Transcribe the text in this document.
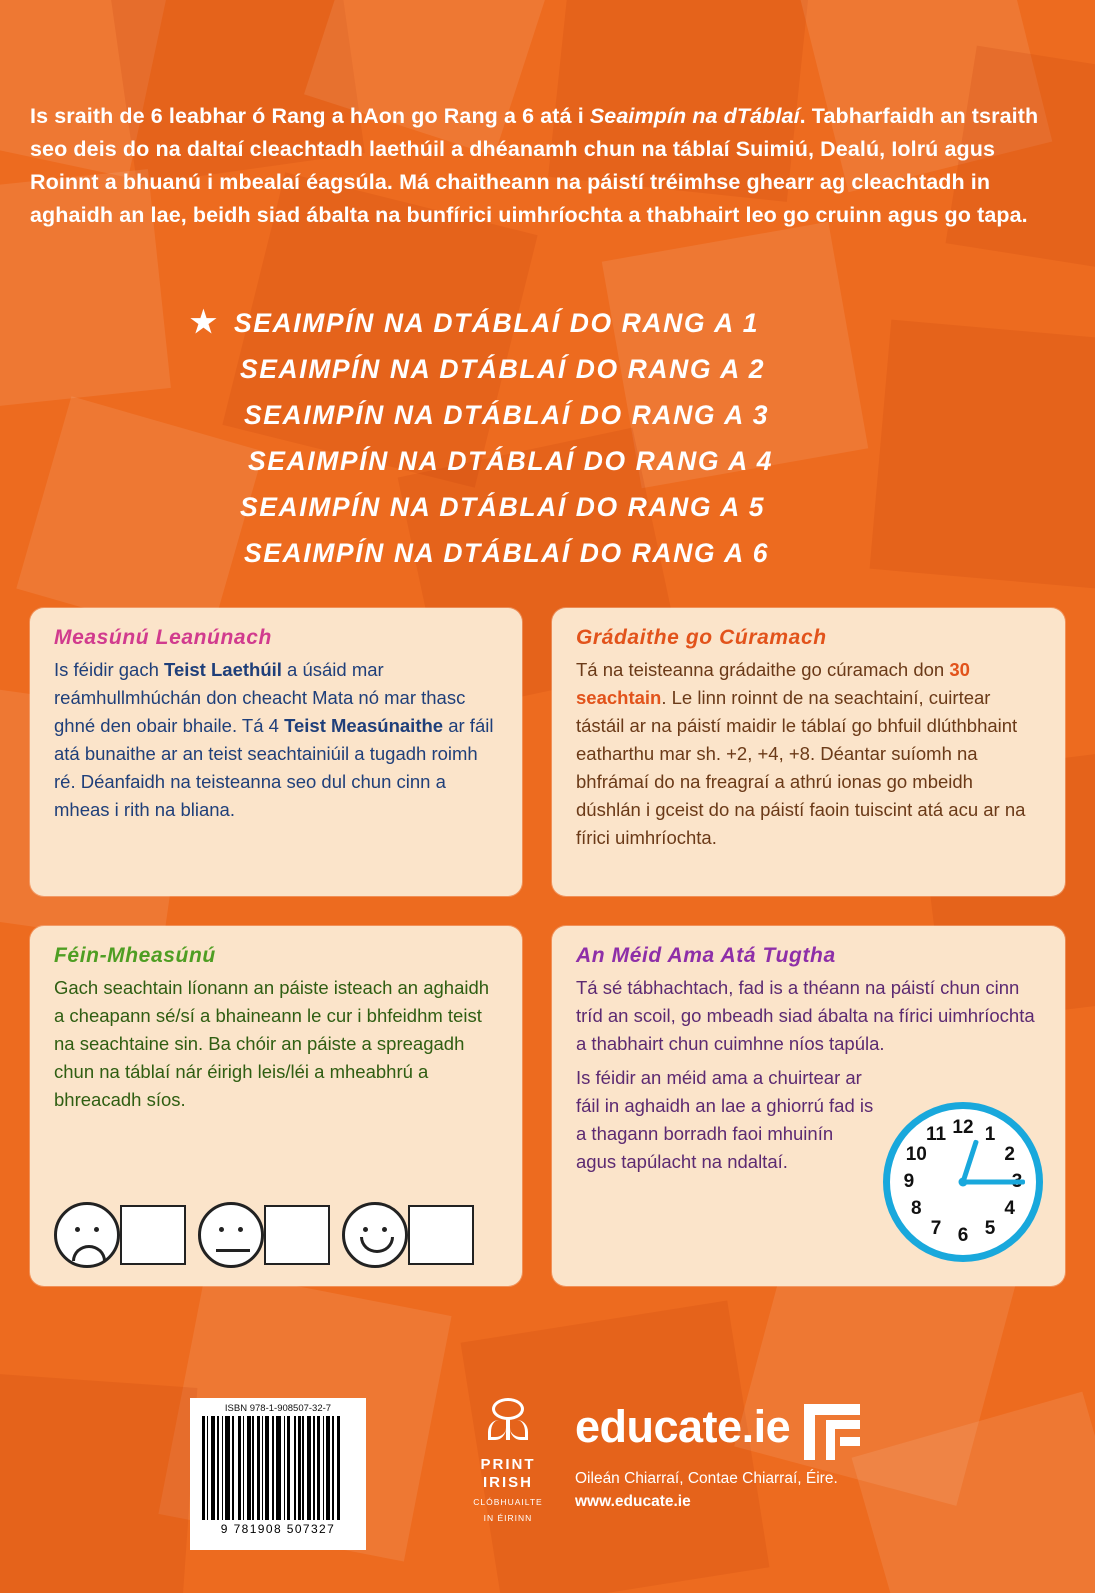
Is sraith de 6 leabhar ó Rang a hAon go Rang a 6 atá i Seaimpín na dTáblaí. Tabharfaidh an tsraith seo deis do na daltaí cleachtadh laethúil a dhéanamh chun na táblaí Suimiú, Dealú, Iolrú agus Roinnt a bhuanú i mbealaí éagsúla. Má chaitheann na páistí tréimhse ghearr ag cleachtadh in aghaidh an lae, beidh siad ábalta na bunfírici uimhríochta a thabhairt leo go cruinn agus go tapa.

★ SEAIMPÍN NA DTÁBLAÍ DO RANG A 1
SEAIMPÍN NA DTÁBLAÍ DO RANG A 2
SEAIMPÍN NA DTÁBLAÍ DO RANG A 3
SEAIMPÍN NA DTÁBLAÍ DO RANG A 4
SEAIMPÍN NA DTÁBLAÍ DO RANG A 5
SEAIMPÍN NA DTÁBLAÍ DO RANG A 6
Measúnú Leanúnach

Is féidir gach Teist Laethúil a úsáid mar reámhullmhúchán don cheacht Mata nó mar thasc ghné den obair bhaile. Tá 4 Teist Measúnaithe ar fáil atá bunaithe ar an teist seachtainiúil a tugadh roimh ré. Déanfaidh na teisteanna seo dul chun cinn a mheas i rith na bliana.

Grádaithe go Cúramach

Tá na teisteanna grádaithe go cúramach don 30 seachtain. Le linn roinnt de na seachtainí, cuirtear tástáil ar na páistí maidir le táblaí go bhfuil dlúthbhaint eatharthu mar sh. +2, +4, +8. Déantar suíomh na bhfrámaí do na freagraí a athrú ionas go mbeidh dúshlán i gceist do na páistí faoin tuiscint atá acu ar na fírici uimhríochta.

Féin-Mheasúnú

Gach seachtain líonann an páiste isteach an aghaidh a cheapann sé/sí a bhaineann le cur i bhfeidhm teist na seachtaine sin. Ba chóir an páiste a spreagadh chun na táblaí nár éirigh leis/léi a mheabhrú a bhreacadh síos.

An Méid Ama Atá Tugtha

Tá sé tábhachtach, fad is a théann na páistí chun cinn tríd an scoil, go mbeadh siad ábalta na fírici uimhríochta a thabhairt chun cuimhne níos tapúla.

Is féidir an méid ama a chuirtear ar fáil in aghaidh an lae a ghiorrú fad is a thagann borradh faoi mhuinín agus tapúlacht na ndaltaí.

12 1
2
4
5
6
7
8
9
10
11
ISBN 978-1-908507-32-7
9 781908 507327
PRINT
IRISH
CLÓBHUAILTE
IN ÉIRINN
educate.ie
Oileán Chiarraí, Contae Chiarraí, Éire.
www.educate.ie
